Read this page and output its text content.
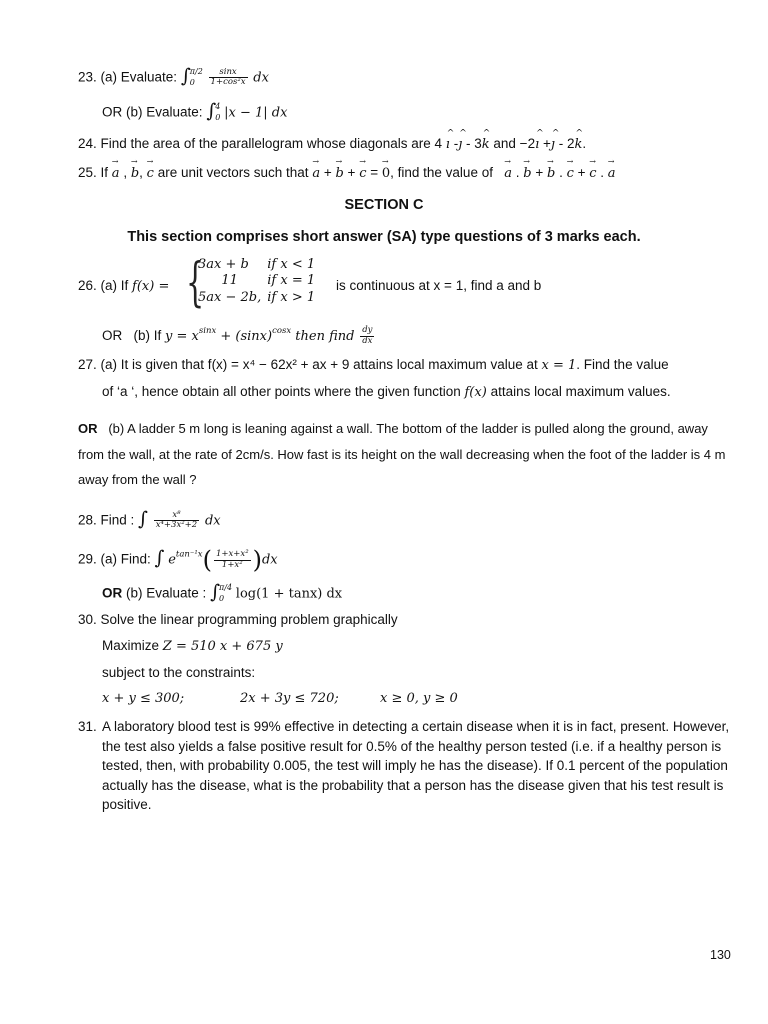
23. (a) Evaluate: ∫ π/2
0
	$\frac{\sin x}{\text{1+cos²x}}$ dx
OR (b) Evaluate: ∫ 4
0 |x − 1| dx
24. Find the area of the parallelogram whose diagonals are 4 ^ ı -^ ȷ - 3^ k and −2^ ı +^ ȷ - 2^ k.
25. If → a , → b, → c are unit vectors such that → a + → b + → c = → 0, find the value of → a . → b + → b . → c + → c . → a
SECTION C
This section comprises short answer (SA) type questions of 3 marks each.
26. (a) If f(x) = {
3ax + b	if x < 1
11	if x = 1
5ax − 2b,	if x > 1
is continuous at x = 1, find a and b
OR (b) If $y = x^{sinx} + (\sin x)^{cosx}$ then find $\frac{dy}{dx}$
27. (a) It is given that f(x) = x⁴ − 62x² + ax + 9 attains local maximum value at x = 1. Find the value
of ‘a ‘, hence obtain all other points where the given function f(x) attains local maximum values.
OR (b) A ladder 5 m long is leaning against a wall. The bottom of the ladder is pulled along the ground, away from the wall, at the rate of 2cm/s. How fast is its height on the wall decreasing when the foot of the ladder is 4 m away from the wall ?
28. Find : ∫ $\frac{\text{x⁸}}{\text{x⁴+3x²+2}}$ dx
29. (a) Find: ∫ $e^{tan^{-1}x}( \frac{\text{1+x+x²}}{\text{1+x²}} )dx$
OR (b) Evaluate : ∫ π/4
0 log(1 + tanx) dx
30. Solve the linear programming problem graphically
Maximize Z = 510 x + 675 y
subject to the constraints:
x + y ≤ 300;	2x + 3y ≤ 720;	x ≥ 0, y ≥ 0
31. A laboratory blood test is 99% effective in detecting a certain disease when it is in fact, present. However, the test also yields a false positive result for 0.5% of the healthy person tested (i.e. if a healthy person is tested, then, with probability 0.005, the test will imply he has the disease). If 0.1 percent of the population actually has the disease, what is the probability that a person has the disease given that his test result is positive.
130
